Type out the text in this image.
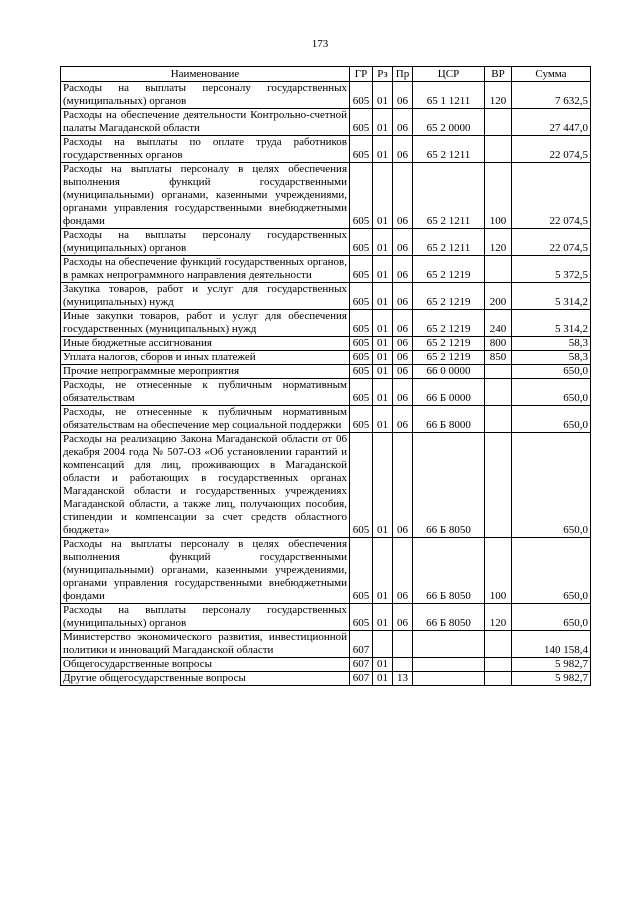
173
Наименование	ГР	Рз	Пр	ЦСР	ВР	Сумма
Расходы на выплаты персоналу государственных (муниципальных) органов	605	01	06	65 1 1211	120	7 632,5
Расходы на обеспечение деятельности Контрольно-счетной палаты Магаданской области	605	01	06	65 2 0000		27 447,0
Расходы на выплаты по оплате труда работников государственных органов	605	01	06	65 2 1211		22 074,5
Расходы на выплаты персоналу в целях обеспечения выполнения функций государственными (муниципальными) органами, казенными учреждениями, органами управления государственными внебюджетными фондами	605	01	06	65 2 1211	100	22 074,5
Расходы на выплаты персоналу государственных (муниципальных) органов	605	01	06	65 2 1211	120	22 074,5
Расходы на обеспечение функций государственных органов, в рамках непрограммного направления деятельности	605	01	06	65 2 1219		5 372,5
Закупка товаров, работ и услуг для государственных (муниципальных) нужд	605	01	06	65 2 1219	200	5 314,2
Иные закупки товаров, работ и услуг для обеспечения государственных (муниципальных) нужд	605	01	06	65 2 1219	240	5 314,2
Иные бюджетные ассигнования	605	01	06	65 2 1219	800	58,3
Уплата налогов, сборов и иных платежей	605	01	06	65 2 1219	850	58,3
Прочие непрограммные мероприятия	605	01	06	66 0 0000		650,0
Расходы, не отнесенные к публичным нормативным обязательствам	605	01	06	66 Б 0000		650,0
Расходы, не отнесенные к публичным нормативным обязательствам на обеспечение мер социальной поддержки	605	01	06	66 Б 8000		650,0
Расходы на реализацию Закона Магаданской области от 06 декабря 2004 года № 507-ОЗ «Об установлении гарантий и компенсаций для лиц, проживающих в Магаданской области и работающих в государственных органах Магаданской области и государственных учреждениях Магаданской области, а также лиц, получающих пособия, стипендии и компенсации за счет средств областного бюджета»	605	01	06	66 Б 8050		650,0
Расходы на выплаты персоналу в целях обеспечения выполнения функций государственными (муниципальными) органами, казенными учреждениями, органами управления государственными внебюджетными фондами	605	01	06	66 Б 8050	100	650,0
Расходы на выплаты персоналу государственных (муниципальных) органов	605	01	06	66 Б 8050	120	650,0
Министерство экономического развития, инвестиционной политики и инноваций Магаданской области	607					140 158,4
Общегосударственные вопросы	607	01				5 982,7
Другие общегосударственные вопросы	607	01	13			5 982,7
